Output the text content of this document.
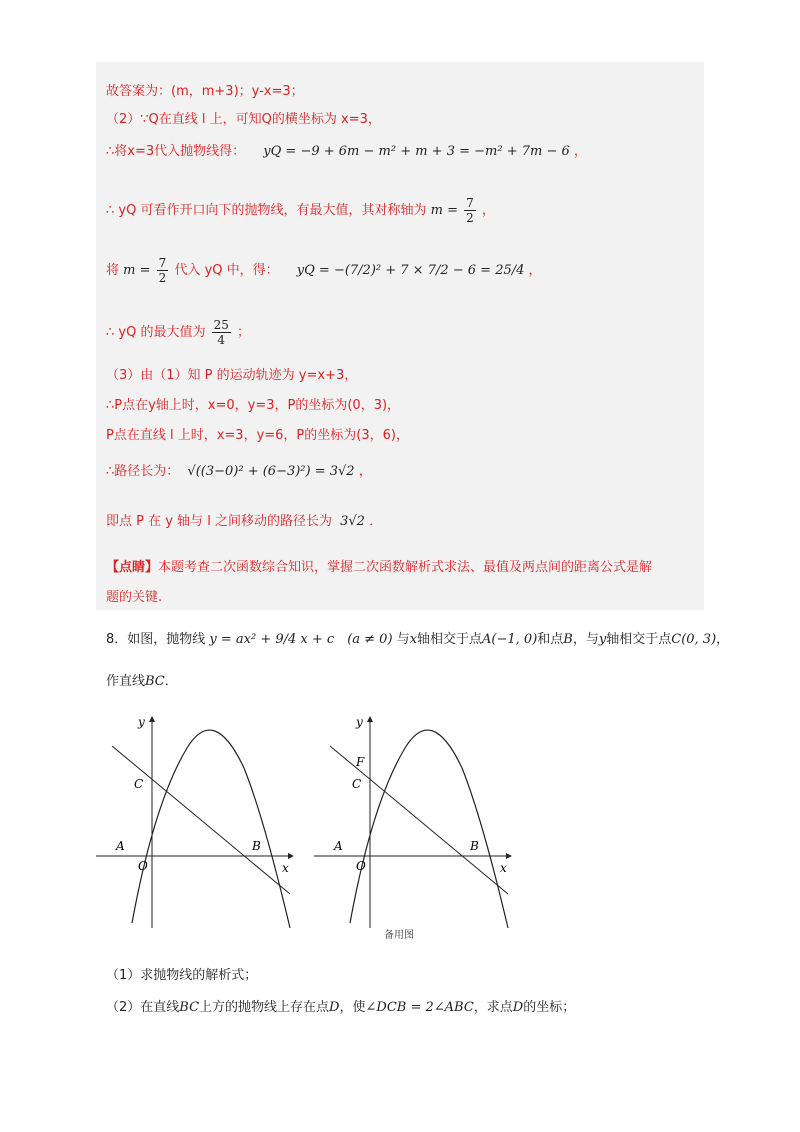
故答案为：(m，m+3)；y-x=3；
（2）∵Q在直线 l 上，可知Q的横坐标为 x=3，
∴将x=3代入抛物线得： yQ = −9 + 6m − m² + m + 3 = −m² + 7m − 6 ，
∴ yQ 可看作开口向下的抛物线，有最大值，其对称轴为 $m = \frac{7}{2}$ ，
将 $m = \frac{7}{2}$ 代入 yQ 中，得： yQ = −(7/2)² + 7 × 7/2 − 6 = 25/4 ，
∴ yQ 的最大值为 $\frac{25}{4}$ ；
（3）由（1）知 P 的运动轨迹为 y=x+3，
∴P点在y轴上时，x=0，y=3，P的坐标为(0，3)，
P点在直线 l 上时，x=3，y=6，P的坐标为(3，6)，
∴路径长为： √((3−0)² + (6−3)²) = 3√2 ，
即点 P 在 y 轴与 l 之间移动的路径长为 3√2 ．
【点睛】本题考查二次函数综合知识，掌握二次函数解析式求法、最值及两点间的距离公式是解
题的关键.
8．如图，抛物线 y = ax² + 9/4 x + c　(a ≠ 0) 与x轴相交于点A(−1, 0)和点B，与y轴相交于点C(0, 3)，
作直线BC．
y
x
A	B
C
O
y
x
A	B
C
O
F
备用图
（1）求抛物线的解析式；
（2）在直线BC上方的抛物线上存在点D，使∠DCB = 2∠ABC，求点D的坐标；
